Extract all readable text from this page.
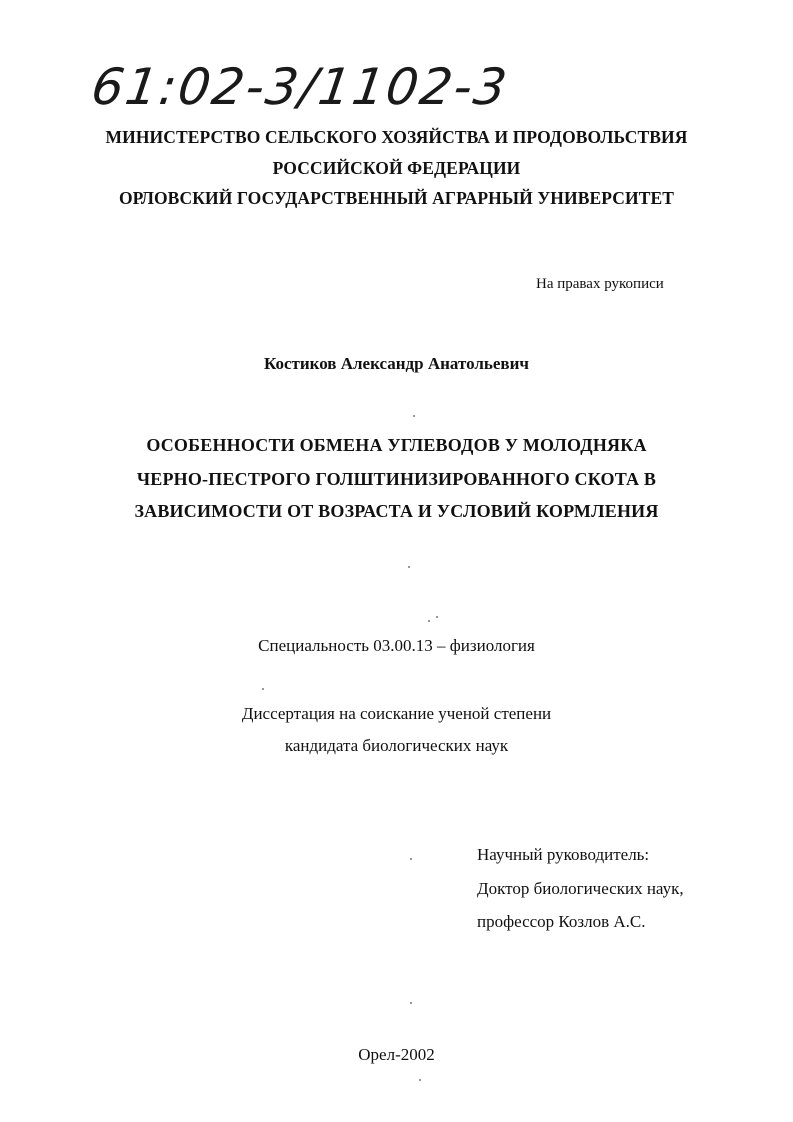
61:02-3/1102-3
МИНИСТЕРСТВО СЕЛЬСКОГО ХОЗЯЙСТВА И ПРОДОВОЛЬСТВИЯ
РОССИЙСКОЙ ФЕДЕРАЦИИ
ОРЛОВСКИЙ ГОСУДАРСТВЕННЫЙ АГРАРНЫЙ УНИВЕРСИТЕТ
На правах рукописи
Костиков Александр Анатольевич
ОСОБЕННОСТИ ОБМЕНА УГЛЕВОДОВ У МОЛОДНЯКА
ЧЕРНО-ПЕСТРОГО ГОЛШТИНИЗИРОВАННОГО СКОТА В
ЗАВИСИМОСТИ ОТ ВОЗРАСТА И УСЛОВИЙ КОРМЛЕНИЯ
Специальность 03.00.13 – физиология
Диссертация на соискание ученой степени
кандидата биологических наук
Научный руководитель:
Доктор биологических наук,
профессор Козлов А.С.
Орел-2002
